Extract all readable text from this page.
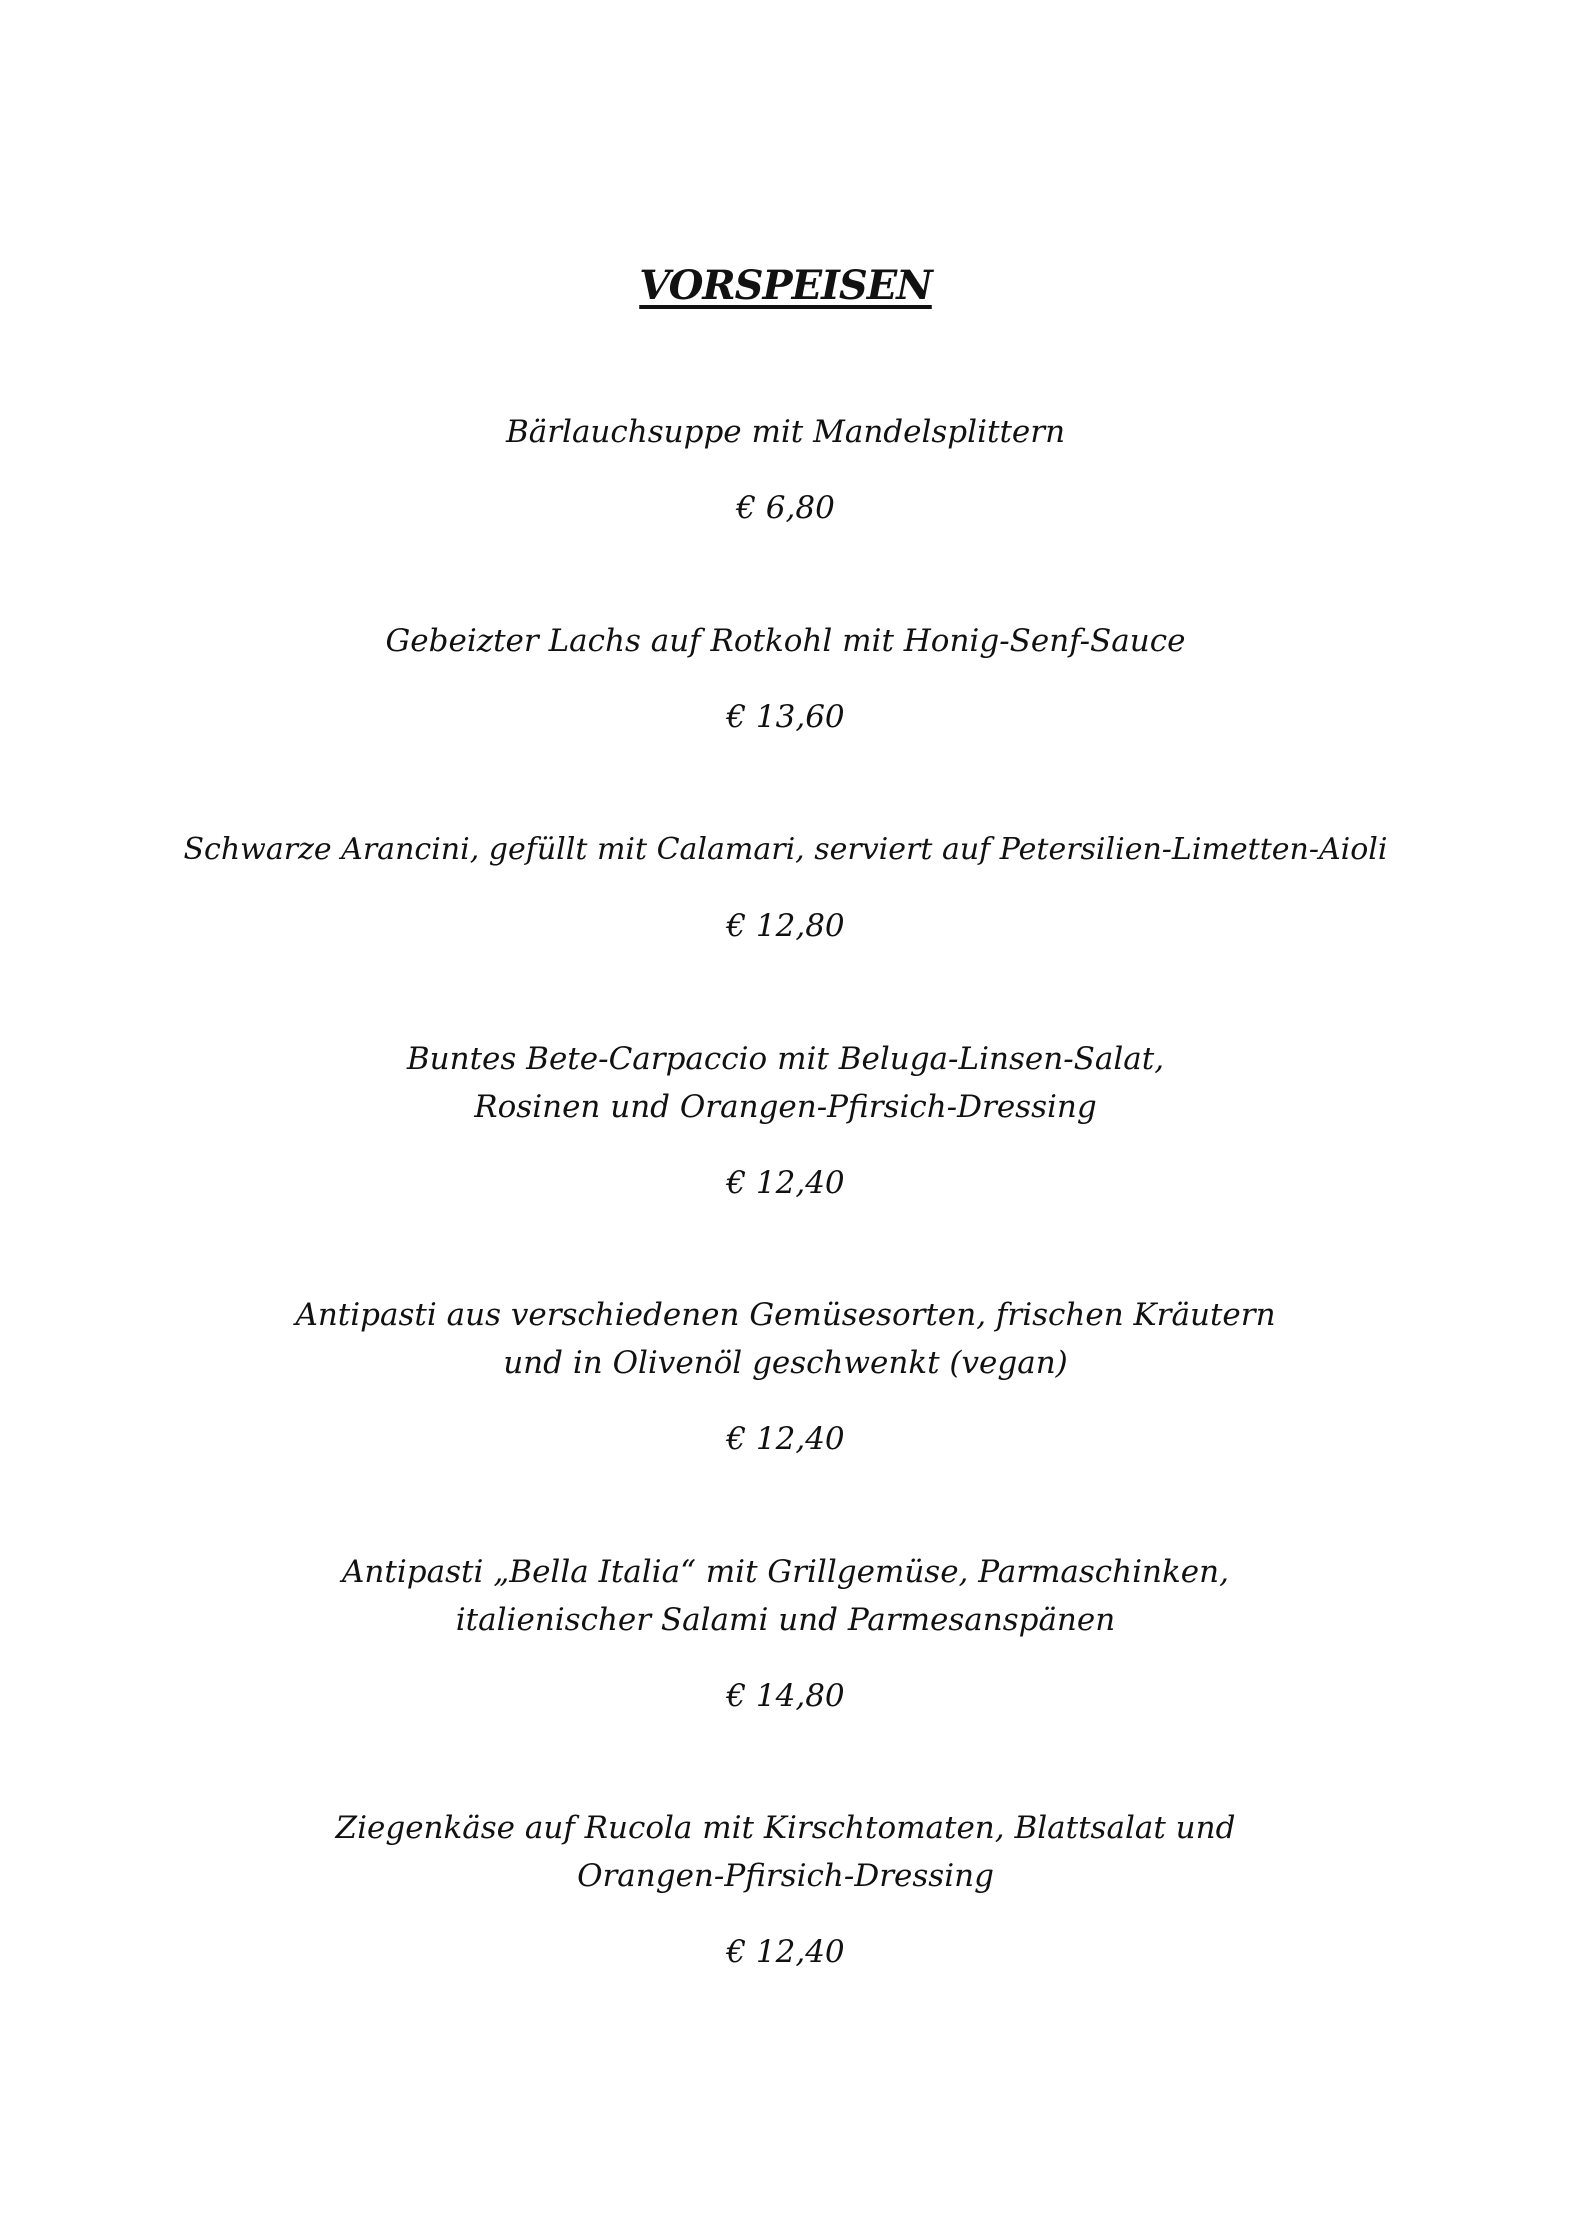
VORSPEISEN

Bärlauchsuppe mit Mandelsplittern

€ 6,80

Gebeizter Lachs auf Rotkohl mit Honig-Senf-Sauce

€ 13,60

Schwarze Arancini, gefüllt mit Calamari, serviert auf Petersilien-Limetten-Aioli

€ 12,80

Buntes Bete-Carpaccio mit Beluga-Linsen-Salat,
Rosinen und Orangen-Pfirsich-Dressing

€ 12,40

Antipasti aus verschiedenen Gemüsesorten, frischen Kräutern
und in Olivenöl geschwenkt (vegan)

€ 12,40

Antipasti „Bella Italia“ mit Grillgemüse, Parmaschinken,
italienischer Salami und Parmesanspänen

€ 14,80

Ziegenkäse auf Rucola mit Kirschtomaten, Blattsalat und
Orangen-Pfirsich-Dressing

€ 12,40
